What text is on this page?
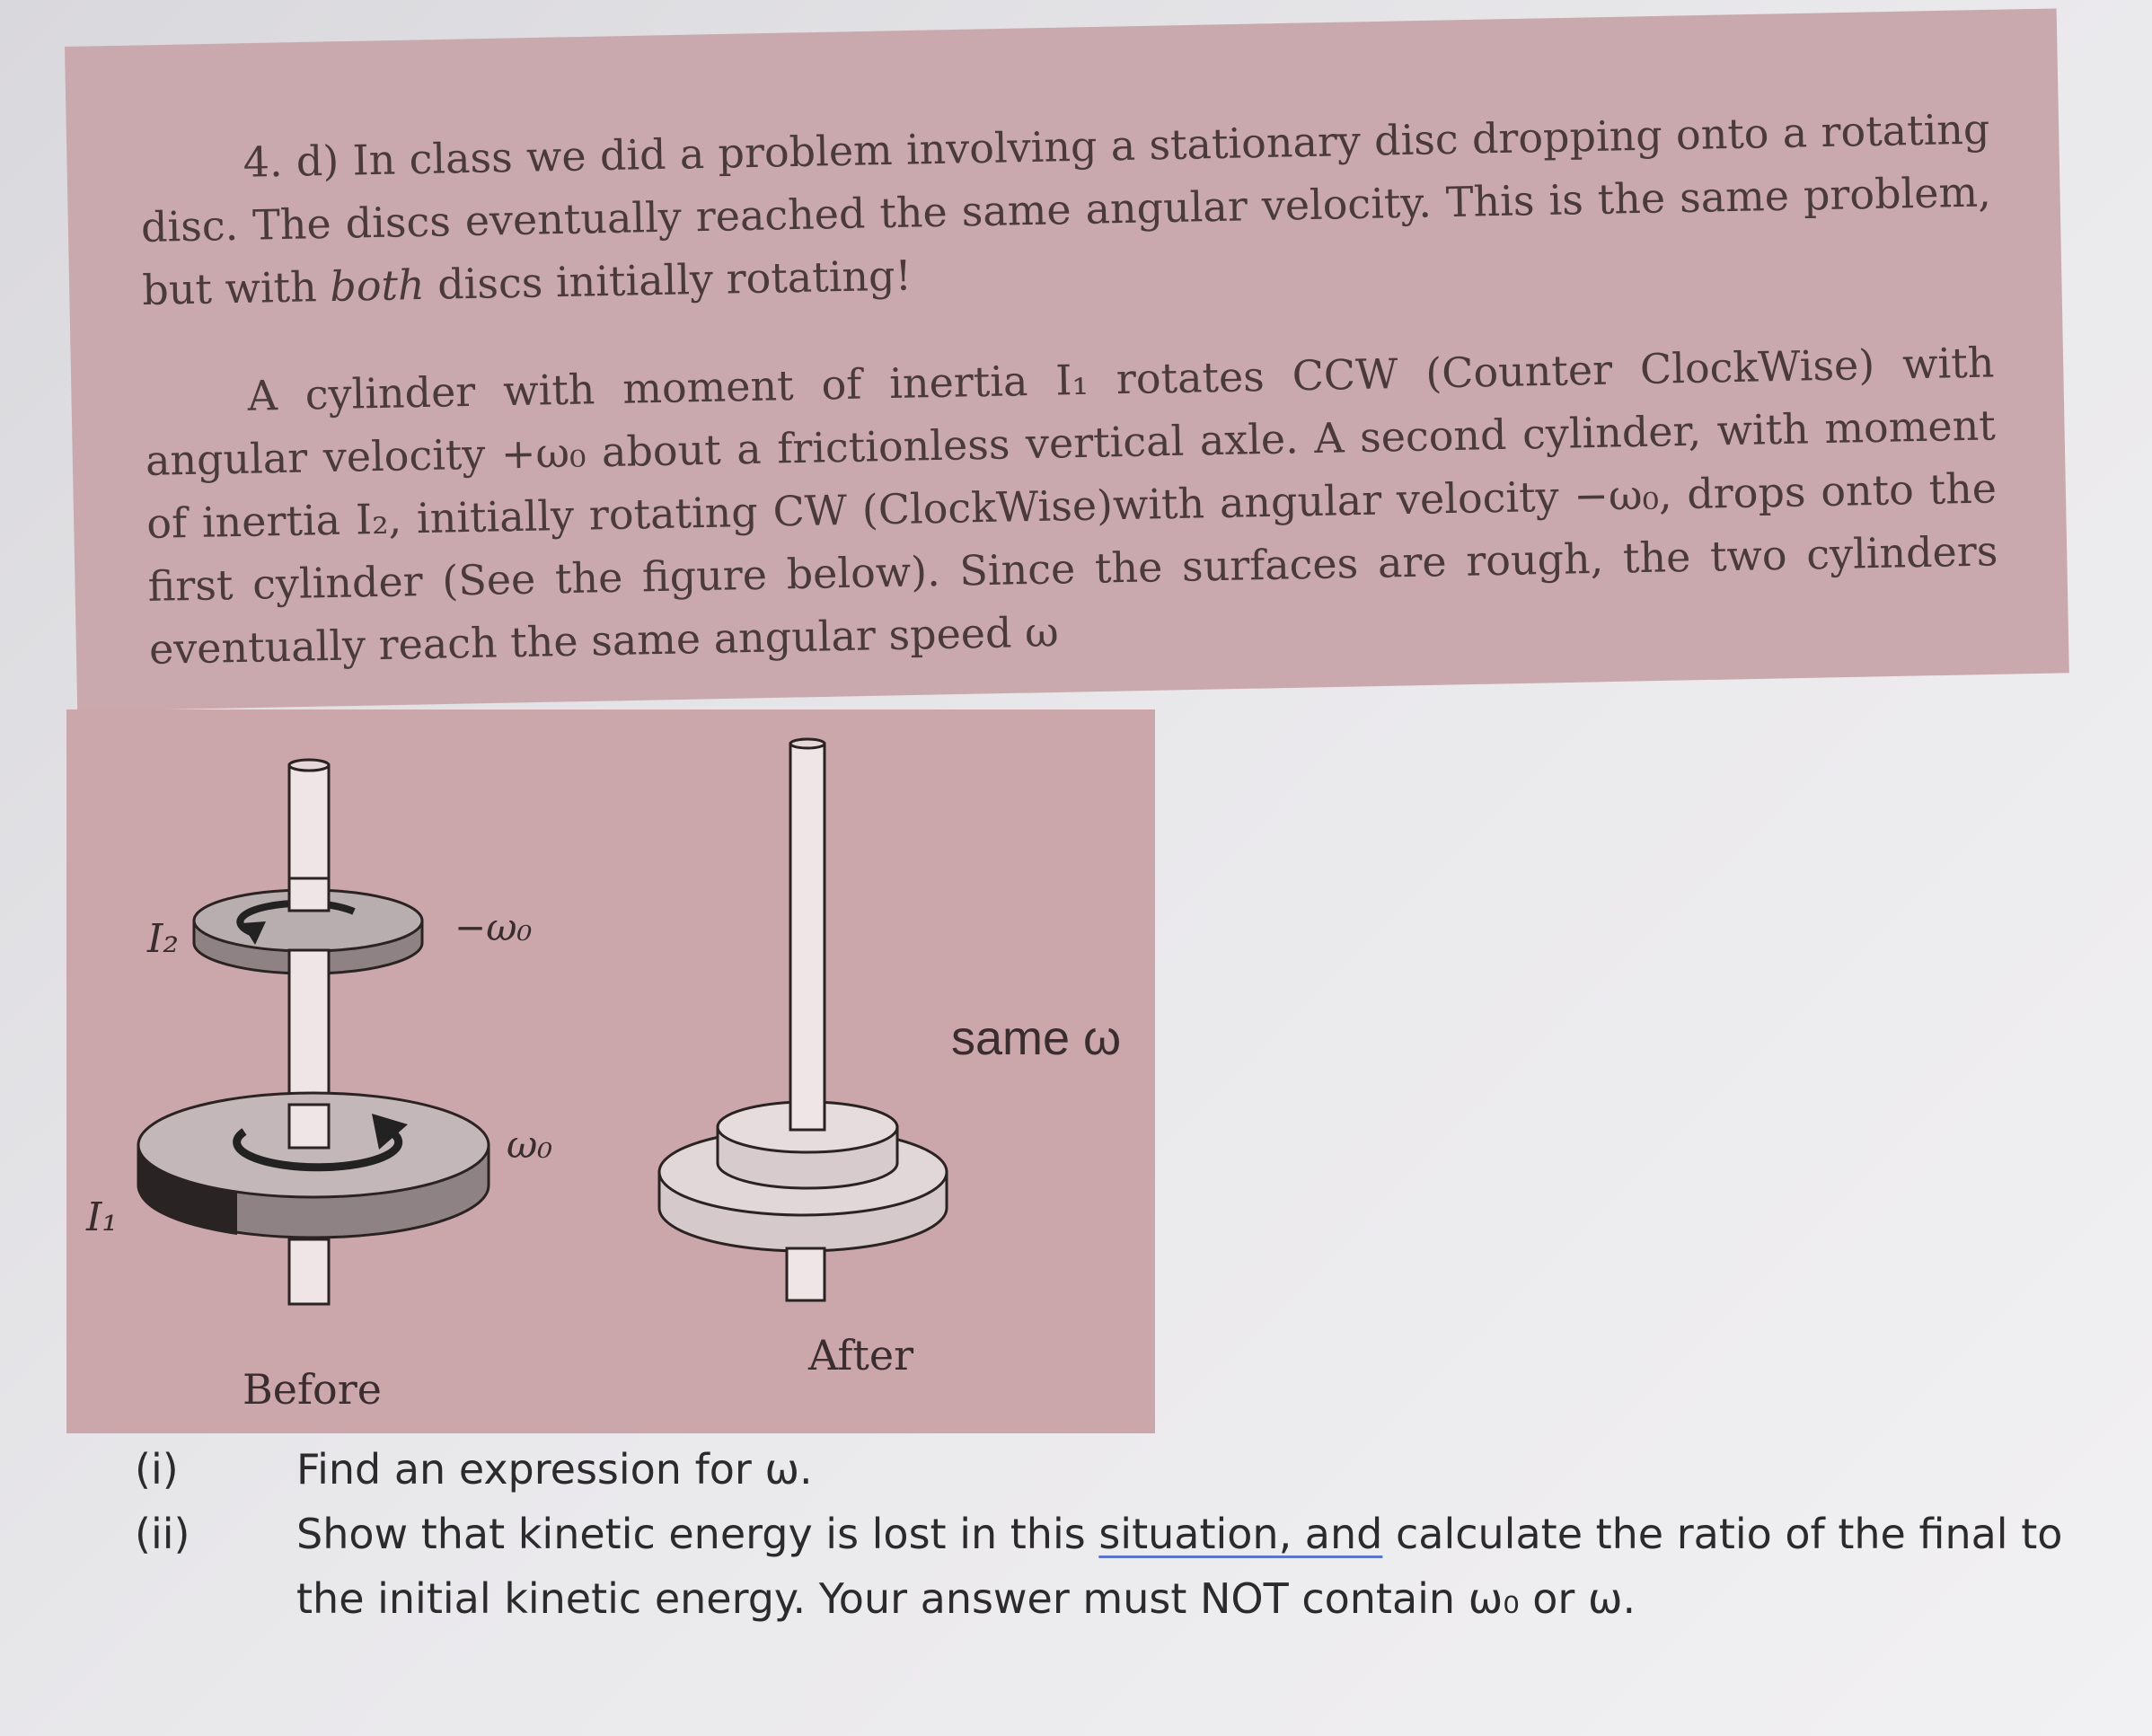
4. d) In class we did a problem involving a stationary disc dropping onto a rotating disc. The discs eventually reached the same angular velocity. This is the same problem, but with both discs initially rotating!

A cylinder with moment of inertia I₁ rotates CCW (Counter ClockWise) with angular velocity +ω₀ about a frictionless vertical axle. A second cylinder, with moment of inertia I₂, initially rotating CW (ClockWise)with angular velocity −ω₀, drops onto the first cylinder (See the figure below). Since the surfaces are rough, the two cylinders eventually reach the same angular speed ω

I₂
I₁
−ω₀
ω₀
same ω
Before
After
(i)	Find an expression for ω.
(ii)	Show that kinetic energy is lost in this situation, and calculate the ratio of the final to the initial kinetic energy. Your answer must NOT contain ω₀ or ω.
